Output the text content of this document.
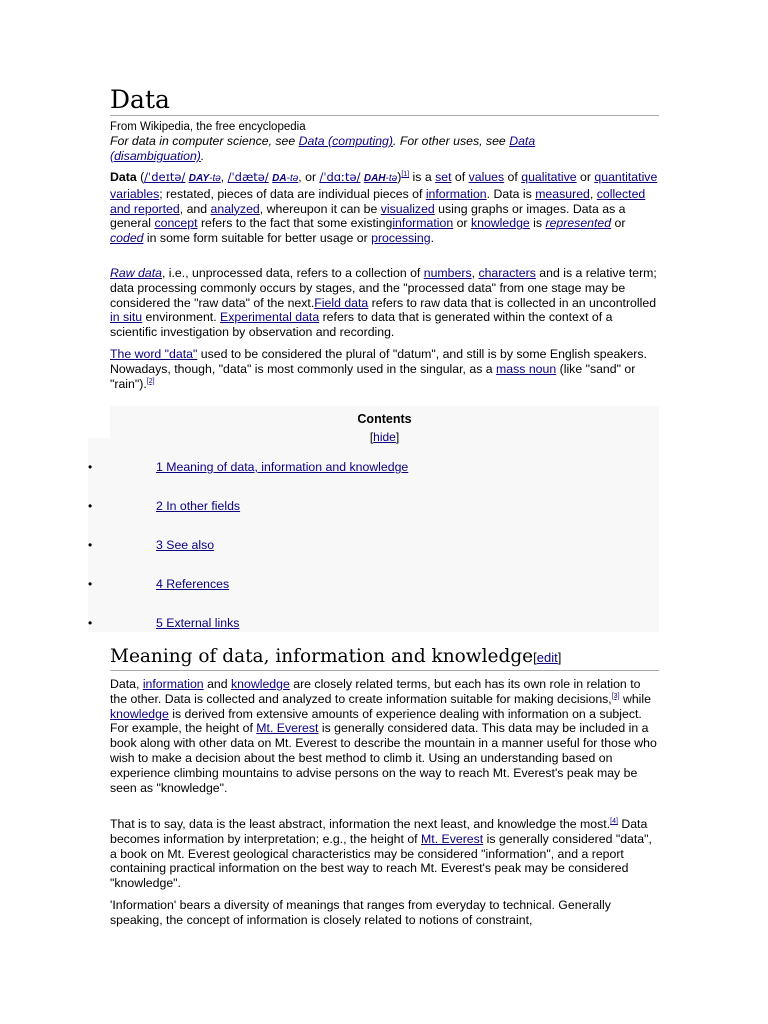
Data
From Wikipedia, the free encyclopedia
For data in computer science, see Data (computing). For other uses, see Data (disambiguation).

Data (/ˈdeɪtə/ DAY-tə, /ˈdætə/ DA-tə, or /ˈdɑːtə/ DAH-tə)[1] is a set of values of qualitative or quantitative variables; restated, pieces of data are individual pieces of information. Data is measured, collected and reported, and analyzed, whereupon it can be visualized using graphs or images. Data as a general concept refers to the fact that some existinginformation or knowledge is represented or coded in some form suitable for better usage or processing.

Raw data, i.e., unprocessed data, refers to a collection of numbers, characters and is a relative term; data processing commonly occurs by stages, and the "processed data" from one stage may be considered the "raw data" of the next.Field data refers to raw data that is collected in an uncontrolled in situ environment. Experimental data refers to data that is generated within the context of a scientific investigation by observation and recording.

The word "data" used to be considered the plural of "datum", and still is by some English speakers. Nowadays, though, "data" is most commonly used in the singular, as a mass noun (like "sand" or "rain").[2]

Contents
[hide]
•	1 Meaning of data, information and knowledge
•	2 In other fields
•	3 See also
•	4 References
•	5 External links
Meaning of data, information and knowledge[edit]

Data, information and knowledge are closely related terms, but each has its own role in relation to the other. Data is collected and analyzed to create information suitable for making decisions,[3] while knowledge is derived from extensive amounts of experience dealing with information on a subject. For example, the height of Mt. Everest is generally considered data. This data may be included in a book along with other data on Mt. Everest to describe the mountain in a manner useful for those who wish to make a decision about the best method to climb it. Using an understanding based on experience climbing mountains to advise persons on the way to reach Mt. Everest's peak may be seen as "knowledge".

That is to say, data is the least abstract, information the next least, and knowledge the most.[4] Data becomes information by interpretation; e.g., the height of Mt. Everest is generally considered "data", a book on Mt. Everest geological characteristics may be considered "information", and a report containing practical information on the best way to reach Mt. Everest's peak may be considered "knowledge".

'Information' bears a diversity of meanings that ranges from everyday to technical. Generally speaking, the concept of information is closely related to notions of constraint,
